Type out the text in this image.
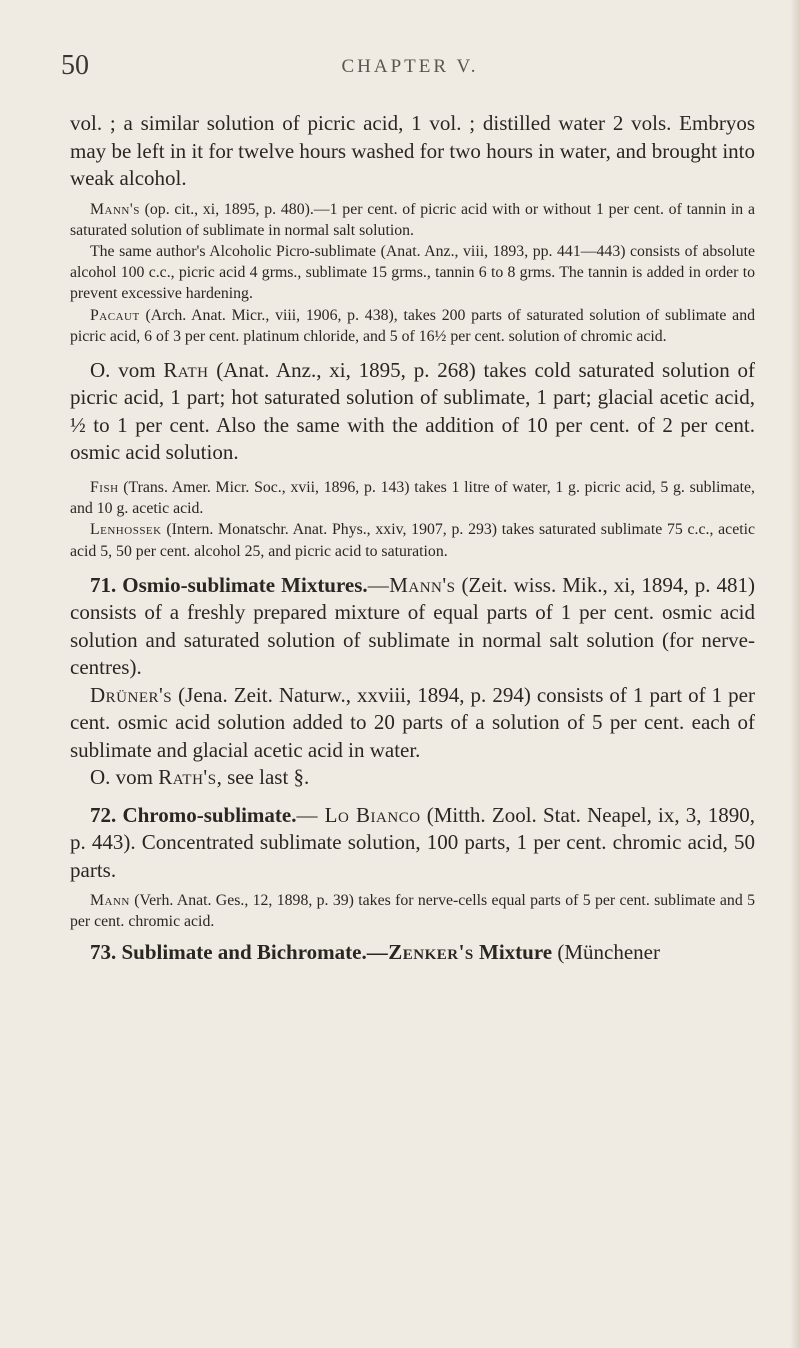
50	CHAPTER V.

vol. ; a similar solution of picric acid, 1 vol. ; distilled water 2 vols. Embryos may be left in it for twelve hours washed for two hours in water, and brought into weak alcohol.

Mann's (op. cit., xi, 1895, p. 480).—1 per cent. of picric acid with or without 1 per cent. of tannin in a saturated solution of sublimate in normal salt solution.

The same author's Alcoholic Picro-sublimate (Anat. Anz., viii, 1893, pp. 441—443) consists of absolute alcohol 100 c.c., picric acid 4 grms., sublimate 15 grms., tannin 6 to 8 grms. The tannin is added in order to prevent excessive hardening.

Pacaut (Arch. Anat. Micr., viii, 1906, p. 438), takes 200 parts of saturated solution of sublimate and picric acid, 6 of 3 per cent. platinum chloride, and 5 of 16½ per cent. solution of chromic acid.

O. vom Rath (Anat. Anz., xi, 1895, p. 268) takes cold saturated solution of picric acid, 1 part; hot saturated solution of sublimate, 1 part; glacial acetic acid, ½ to 1 per cent. Also the same with the addition of 10 per cent. of 2 per cent. osmic acid solution.

Fish (Trans. Amer. Micr. Soc., xvii, 1896, p. 143) takes 1 litre of water, 1 g. picric acid, 5 g. sublimate, and 10 g. acetic acid.

Lenhossek (Intern. Monatschr. Anat. Phys., xxiv, 1907, p. 293) takes saturated sublimate 75 c.c., acetic acid 5, 50 per cent. alcohol 25, and picric acid to saturation.

71. Osmio-sublimate Mixtures.—Mann's (Zeit. wiss. Mik., xi, 1894, p. 481) consists of a freshly prepared mixture of equal parts of 1 per cent. osmic acid solution and saturated solution of sublimate in normal salt solution (for nerve-centres).

Drüner's (Jena. Zeit. Naturw., xxviii, 1894, p. 294) consists of 1 part of 1 per cent. osmic acid solution added to 20 parts of a solution of 5 per cent. each of sublimate and glacial acetic acid in water.

O. vom Rath's, see last §.

72. Chromo-sublimate.— Lo Bianco (Mitth. Zool. Stat. Neapel, ix, 3, 1890, p. 443). Concentrated sublimate solution, 100 parts, 1 per cent. chromic acid, 50 parts.

Mann (Verh. Anat. Ges., 12, 1898, p. 39) takes for nerve-cells equal parts of 5 per cent. sublimate and 5 per cent. chromic acid.

73. Sublimate and Bichromate.—Zenker's Mixture (Münchener
